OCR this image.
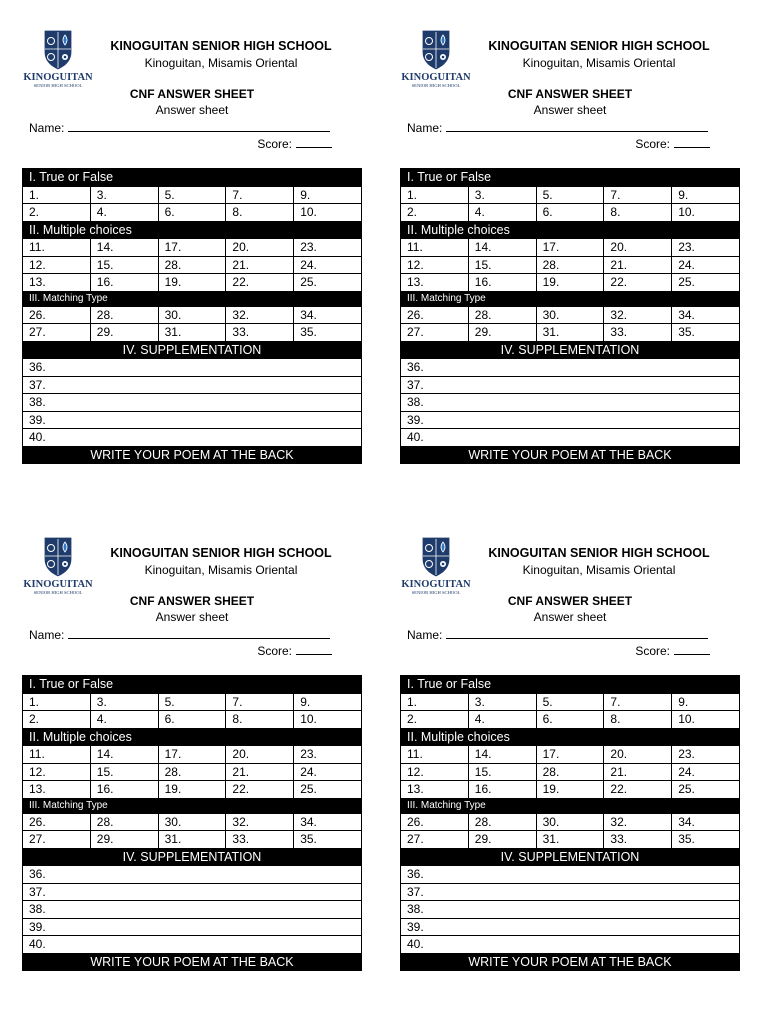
KINOGUITAN
SENIOR HIGH SCHOOL
KINOGUITAN SENIOR HIGH SCHOOL
Kinoguitan, Misamis Oriental
CNF ANSWER SHEET
Answer sheet
Name:
Score:
I. True or False				
1.	3.	5.	7.	9.
2.	4.	6.	8.	10.
II. Multiple choices				
11.	14.	17.	20.	23.
12.	15.	28.	21.	24.
13.	16.	19.	22.	25.
III. Matching Type				
26.	28.	30.	32.	34.
27.	29.	31.	33.	35.
IV. SUPPLEMENTATION				
36.				
37.				
38.				
39.				
40.				
WRITE YOUR POEM AT THE BACK				
KINOGUITAN
SENIOR HIGH SCHOOL
KINOGUITAN SENIOR HIGH SCHOOL
Kinoguitan, Misamis Oriental
CNF ANSWER SHEET
Answer sheet
Name:
Score:
I. True or False				
1.	3.	5.	7.	9.
2.	4.	6.	8.	10.
II. Multiple choices				
11.	14.	17.	20.	23.
12.	15.	28.	21.	24.
13.	16.	19.	22.	25.
III. Matching Type				
26.	28.	30.	32.	34.
27.	29.	31.	33.	35.
IV. SUPPLEMENTATION				
36.				
37.				
38.				
39.				
40.				
WRITE YOUR POEM AT THE BACK				
KINOGUITAN
SENIOR HIGH SCHOOL
KINOGUITAN SENIOR HIGH SCHOOL
Kinoguitan, Misamis Oriental
CNF ANSWER SHEET
Answer sheet
Name:
Score:
I. True or False				
1.	3.	5.	7.	9.
2.	4.	6.	8.	10.
II. Multiple choices				
11.	14.	17.	20.	23.
12.	15.	28.	21.	24.
13.	16.	19.	22.	25.
III. Matching Type				
26.	28.	30.	32.	34.
27.	29.	31.	33.	35.
IV. SUPPLEMENTATION				
36.				
37.				
38.				
39.				
40.				
WRITE YOUR POEM AT THE BACK				
KINOGUITAN
SENIOR HIGH SCHOOL
KINOGUITAN SENIOR HIGH SCHOOL
Kinoguitan, Misamis Oriental
CNF ANSWER SHEET
Answer sheet
Name:
Score:
I. True or False				
1.	3.	5.	7.	9.
2.	4.	6.	8.	10.
II. Multiple choices				
11.	14.	17.	20.	23.
12.	15.	28.	21.	24.
13.	16.	19.	22.	25.
III. Matching Type				
26.	28.	30.	32.	34.
27.	29.	31.	33.	35.
IV. SUPPLEMENTATION				
36.				
37.				
38.				
39.				
40.				
WRITE YOUR POEM AT THE BACK				
